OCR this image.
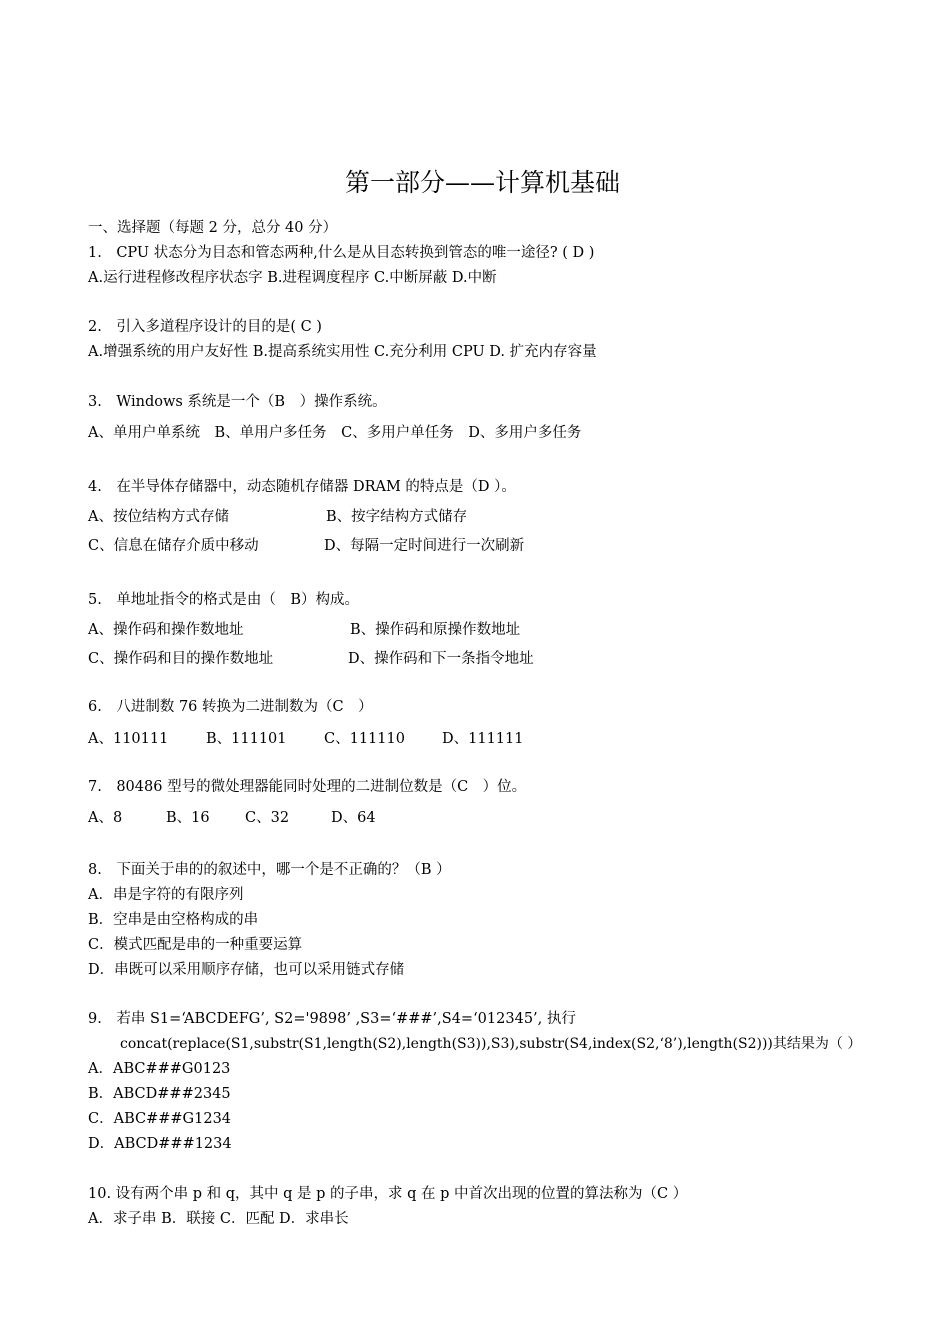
第一部分——计算机基础
一、选择题（每题 2 分，总分 40 分）
1.　CPU 状态分为目态和管态两种,什么是从目态转换到管态的唯一途径? ( D )
A.运行进程修改程序状态字 B.进程调度程序 C.中断屏蔽 D.中断
2.　引入多道程序设计的目的是( C )
A.增强系统的用户友好性 B.提高系统实用性 C.充分利用 CPU D. 扩充内存容量
3.　Windows 系统是一个（B　）操作系统。
A、单用户单系统　B、单用户多任务　C、多用户单任务　D、多用户多任务
4.　在半导体存储器中，动态随机存储器 DRAM 的特点是（D ）。
A、按位结构方式存储	B、按字结构方式储存
C、信息在储存介质中移动	D、每隔一定时间进行一次刷新
5.　单地址指令的格式是由（　B）构成。
A、操作码和操作数地址	B、操作码和原操作数地址
C、操作码和目的操作数地址	D、操作码和下一条指令地址
6.　八进制数 76 转换为二进制数为（C　）
A、110111	B、111101	C、111110	D、111111
7.　80486 型号的微处理器能同时处理的二进制位数是（C　）位。
A、8	B、16 C、32	D、64
8.　下面关于串的的叙述中，哪一个是不正确的？（B ）
A．串是字符的有限序列
B．空串是由空格构成的串
C．模式匹配是串的一种重要运算
D．串既可以采用顺序存储，也可以采用链式存储
9.　若串 S1=‘ABCDEFG’, S2='9898’ ,S3=‘###’,S4=‘012345’, 执行
concat(replace(S1,substr(S1,length(S2),length(S3)),S3),substr(S4,index(S2,‘8’),length(S2)))其结果为（ ）
A．ABC###G0123
B．ABCD###2345
C．ABC###G1234
D．ABCD###1234
10. 设有两个串 p 和 q，其中 q 是 p 的子串，求 q 在 p 中首次出现的位置的算法称为（C ）
A．求子串 B．联接 C．匹配 D．求串长
